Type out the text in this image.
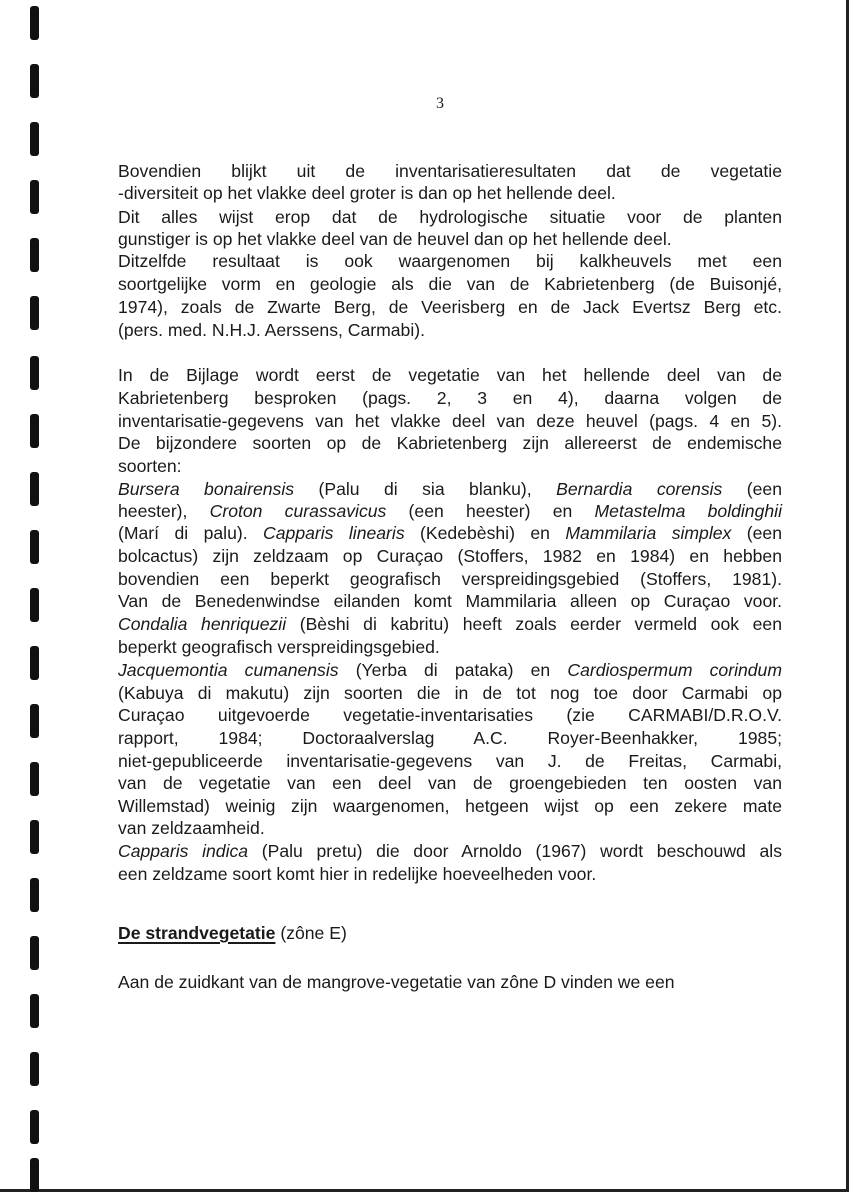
3
Bovendien blijkt uit de inventarisatieresultaten dat de vegetatie
-diversiteit op het vlakke deel groter is dan op het hellende deel.
Dit alles wijst erop dat de hydrologische situatie voor de planten
gunstiger is op het vlakke deel van de heuvel dan op het hellende deel.
Ditzelfde resultaat is ook waargenomen bij kalkheuvels met een
soortgelijke vorm en geologie als die van de Kabrietenberg (de Buisonjé,
1974), zoals de Zwarte Berg, de Veerisberg en de Jack Evertsz Berg etc.
(pers. med. N.H.J. Aerssens, Carmabi).
In de Bijlage wordt eerst de vegetatie van het hellende deel van de
Kabrietenberg besproken (pags. 2, 3 en 4), daarna volgen de
inventarisatie-gegevens van het vlakke deel van deze heuvel (pags. 4 en 5).
De bijzondere soorten op de Kabrietenberg zijn allereerst de endemische
soorten:
Bursera bonairensis (Palu di sia blanku), Bernardia corensis (een
heester), Croton curassavicus (een heester) en Metastelma boldinghii
(Marí di palu). Capparis linearis (Kedebèshi) en Mammilaria simplex (een
bolcactus) zijn zeldzaam op Curaçao (Stoffers, 1982 en 1984) en hebben
bovendien een beperkt geografisch verspreidingsgebied (Stoffers, 1981).
Van de Benedenwindse eilanden komt Mammilaria alleen op Curaçao voor.
Condalia henriquezii (Bèshi di kabritu) heeft zoals eerder vermeld ook een
beperkt geografisch verspreidingsgebied.
Jacquemontia cumanensis (Yerba di pataka) en Cardiospermum corindum
(Kabuya di makutu) zijn soorten die in de tot nog toe door Carmabi op
Curaçao uitgevoerde vegetatie-inventarisaties (zie CARMABI/D.R.O.V.
rapport, 1984; Doctoraalverslag A.C. Royer-Beenhakker, 1985;
niet-gepubliceerde inventarisatie-gegevens van J. de Freitas, Carmabi,
van de vegetatie van een deel van de groengebieden ten oosten van
Willemstad) weinig zijn waargenomen, hetgeen wijst op een zekere mate
van zeldzaamheid.
Capparis indica (Palu pretu) die door Arnoldo (1967) wordt beschouwd als
een zeldzame soort komt hier in redelijke hoeveelheden voor.
De strandvegetatie (zône E)
Aan de zuidkant van de mangrove-vegetatie van zône D vinden we een
